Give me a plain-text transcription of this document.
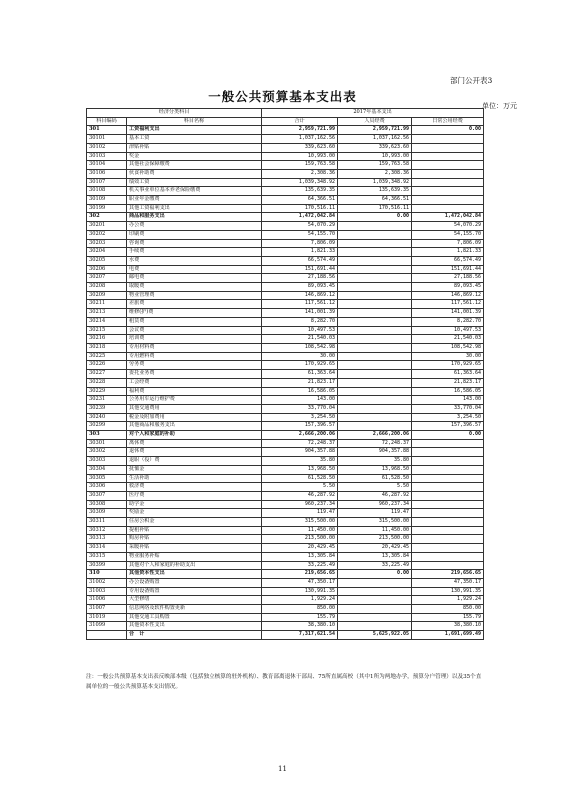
部门公开表3
一般公共预算基本支出表
单位：万元
经济分类科目		2017年基本支出		
科目编码	科目名称	合计	人员经费	日常公用经费
301	工资福利支出	2,959,721.99	2,959,721.99	0.00
30101	基本工资	1,037,162.56	1,037,162.56	
30102	津贴补贴	339,623.60	339,623.60	
30103	奖金	10,993.00	10,993.00	
30104	其他社会保障缴费	159,763.58	159,763.58	
30106	伙食补助费	2,308.36	2,308.36	
30107	绩效工资	1,039,348.92	1,039,348.92	
30108	机关事业单位基本养老保险缴费	135,639.35	135,639.35	
30109	职业年金缴费	64,366.51	64,366.51	
30199	其他工资福利支出	170,516.11	170,516.11	
302	商品和服务支出	1,472,042.84	0.00	1,472,042.84
30201	办公费	54,070.29		54,070.29
30202	印刷费	54,155.70		54,155.70
30203	咨询费	7,806.09		7,806.09
30204	手续费	1,821.33		1,821.33
30205	水费	66,574.49		66,574.49
30206	电费	151,691.44		151,691.44
30207	邮电费	27,188.56		27,188.56
30208	取暖费	89,093.45		89,093.45
30209	物业管理费	146,869.12		146,869.12
30211	差旅费	117,561.12		117,561.12
30213	维修(护)费	141,001.39		141,001.39
30214	租赁费	8,282.70		8,282.70
30215	会议费	10,497.53		10,497.53
30216	培训费	21,540.03		21,540.03
30218	专用材料费	108,542.98		108,542.98
30225	专用燃料费	30.00		30.00
30226	劳务费	170,929.65		170,929.65
30227	委托业务费	61,363.64		61,363.64
30228	工会经费	21,823.17		21,823.17
30229	福利费	16,586.05		16,586.05
30231	公务用车运行维护费	143.00		143.00
30239	其他交通费用	33,770.04		33,770.04
30240	税金及附加费用	3,254.50		3,254.50
30299	其他商品和服务支出	157,396.57		157,396.57
303	对个人和家庭的补助	2,666,200.06	2,666,200.06	0.00
30301	离休费	72,248.37	72,248.37	
30302	退休费	904,357.88	904,357.88	
30303	退职（役）费	35.80	35.80	
30304	抚恤金	13,968.50	13,968.50	
30305	生活补助	61,528.50	61,528.50	
30306	救济费	5.50	5.50	
30307	医疗费	46,287.92	46,287.92	
30308	助学金	960,237.34	960,237.34	
30309	奖励金	119.47	119.47	
30311	住房公积金	315,500.00	315,500.00	
30312	提租补贴	11,450.00	11,450.00	
30313	购房补贴	213,500.00	213,500.00	
30314	采暖补贴	20,429.45	20,429.45	
30315	物业服务补贴	13,305.84	13,305.84	
30399	其他对个人和家庭的补助支出	33,225.49	33,225.49	
310	其他资本性支出	219,656.65	0.00	219,656.65
31002	办公设备购置	47,350.17		47,350.17
31003	专用设备购置	130,991.35		130,991.35
31006	大型修缮	1,929.24		1,929.24
31007	信息网络及软件购置更新	850.00		850.00
31019	其他交通工具购置	155.79		155.79
31099	其他资本性支出	38,380.10		38,380.10
	合　计	7,317,621.54	5,625,922.05	1,691,699.49
注：一般公共预算基本支出表反映部本级（包括独立核算的驻外机构）、教育部离退休干部局、75所直属高校（其中1所为两地办学，预算分户管理）以及35个直属单位的一般公共预算基本支出情况。
11
